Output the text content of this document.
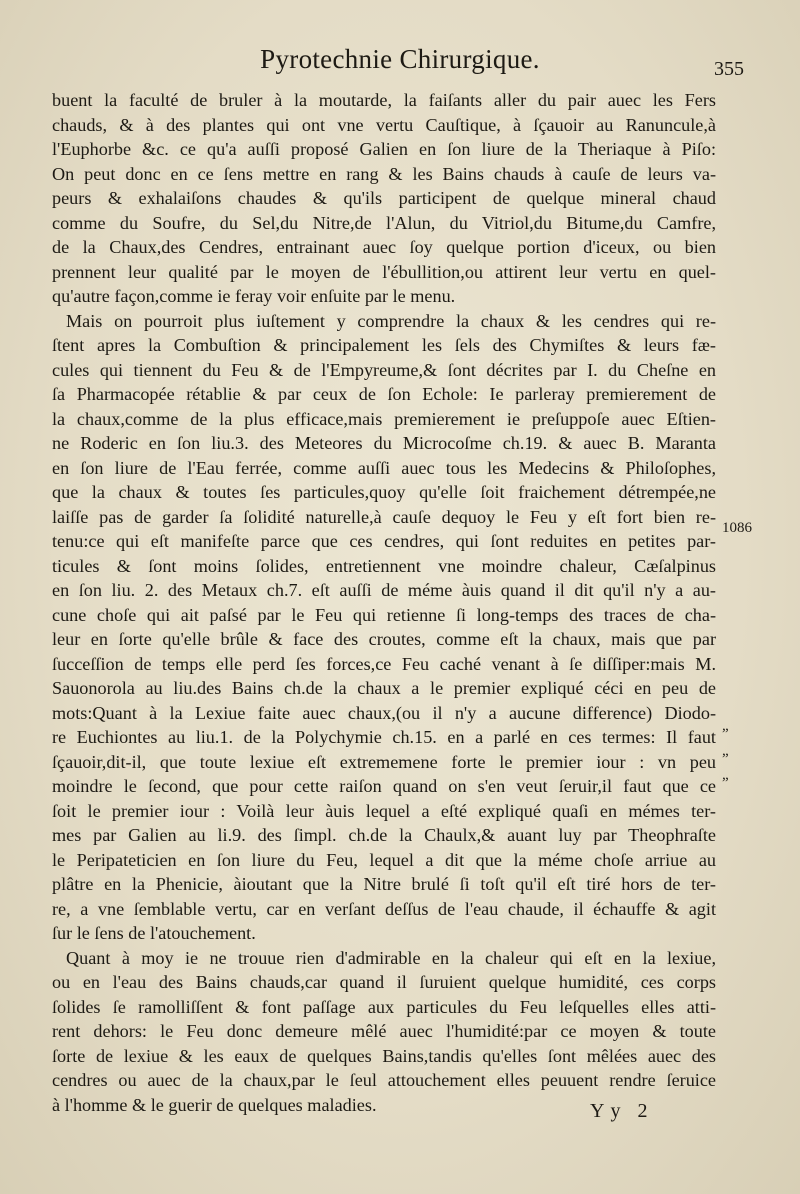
Pyrotechnie Chirurgique.	355
buent la faculté de bruler à la moutarde, la faiſants aller du pair auec les Fers
chauds, & à des plantes qui ont vne vertu Cauſtique, à ſçauoir au Ranuncule,à
l'Euphorbe &c. ce qu'a auſſi proposé Galien en ſon liure de la Theriaque à Piſo:
On peut donc en ce ſens mettre en rang & les Bains chauds à cauſe de leurs va-
peurs & exhalaiſons chaudes & qu'ils participent de quelque mineral chaud
comme du Soufre, du Sel,du Nitre,de l'Alun, du Vitriol,du Bitume,du Camfre,
de la Chaux,des Cendres, entrainant auec ſoy quelque portion d'iceux, ou bien
prennent leur qualité par le moyen de l'ébullition,ou attirent leur vertu en quel-
qu'autre façon,comme ie feray voir enſuite par le menu.
Mais on pourroit plus iuſtement y comprendre la chaux & les cendres qui re-
ſtent apres la Combuſtion & principalement les ſels des Chymiſtes & leurs fæ-
cules qui tiennent du Feu & de l'Empyreume,& ſont décrites par I. du Cheſne en
ſa Pharmacopée rétablie & par ceux de ſon Echole: Ie parleray premierement de
la chaux,comme de la plus efficace,mais premierement ie preſuppoſe auec Eſtien-
ne Roderic en ſon liu.3. des Meteores du Microcoſme ch.19. & auec B. Maranta
en ſon liure de l'Eau ferrée, comme auſſi auec tous les Medecins & Philoſophes,
que la chaux & toutes ſes particules,quoy qu'elle ſoit fraichement détrempée,ne
laiſſe pas de garder ſa ſolidité naturelle,à cauſe dequoy le Feu y eſt fort bien re-
tenu:ce qui eſt manifeſte parce que ces cendres, qui ſont reduites en petites par-
ticules & ſont moins ſolides, entretiennent vne moindre chaleur, Cæſalpinus
en ſon liu. 2. des Metaux ch.7. eſt auſſi de méme àuis quand il dit qu'il n'y a au-
cune choſe qui ait paſsé par le Feu qui retienne ſi long-temps des traces de cha-
leur en ſorte qu'elle brûle & face des croutes, comme eſt la chaux, mais que par
ſucceſſion de temps elle perd ſes forces,ce Feu caché venant à ſe diſſiper:mais M.
Sauonorola au liu.des Bains ch.de la chaux a le premier expliqué céci en peu de
mots:Quant à la Lexiue faite auec chaux,(ou il n'y a aucune difference) Diodo-
re Euchiontes au liu.1. de la Polychymie ch.15. en a parlé en ces termes: Il faut
ſçauoir,dit-il, que toute lexiue eſt extrememene forte le premier iour : vn peu
moindre le ſecond, que pour cette raiſon quand on s'en veut ſeruir,il faut que ce
ſoit le premier iour : Voilà leur àuis lequel a eſté expliqué quaſi en mémes ter-
mes par Galien au li.9. des ſimpl. ch.de la Chaulx,& auant luy par Theophraſte
le Peripateticien en ſon liure du Feu, lequel a dit que la méme choſe arriue au
plâtre en la Phenicie, àioutant que la Nitre brulé ſi toſt qu'il eſt tiré hors de ter-
re, a vne ſemblable vertu, car en verſant deſſus de l'eau chaude, il échauffe & agit
ſur le ſens de l'atouchement.
Quant à moy ie ne trouue rien d'admirable en la chaleur qui eſt en la lexiue,
ou en l'eau des Bains chauds,car quand il ſuruient quelque humidité, ces corps
ſolides ſe ramolliſſent & font paſſage aux particules du Feu leſquelles elles atti-
rent dehors: le Feu donc demeure mêlé auec l'humidité:par ce moyen & toute
ſorte de lexiue & les eaux de quelques Bains,tandis qu'elles ſont mêlées auec des
cendres ou auec de la chaux,par le ſeul attouchement elles peuuent rendre ſeruice
à l'homme & le guerir de quelques maladies.
1086
„
„
„
Yy 2
